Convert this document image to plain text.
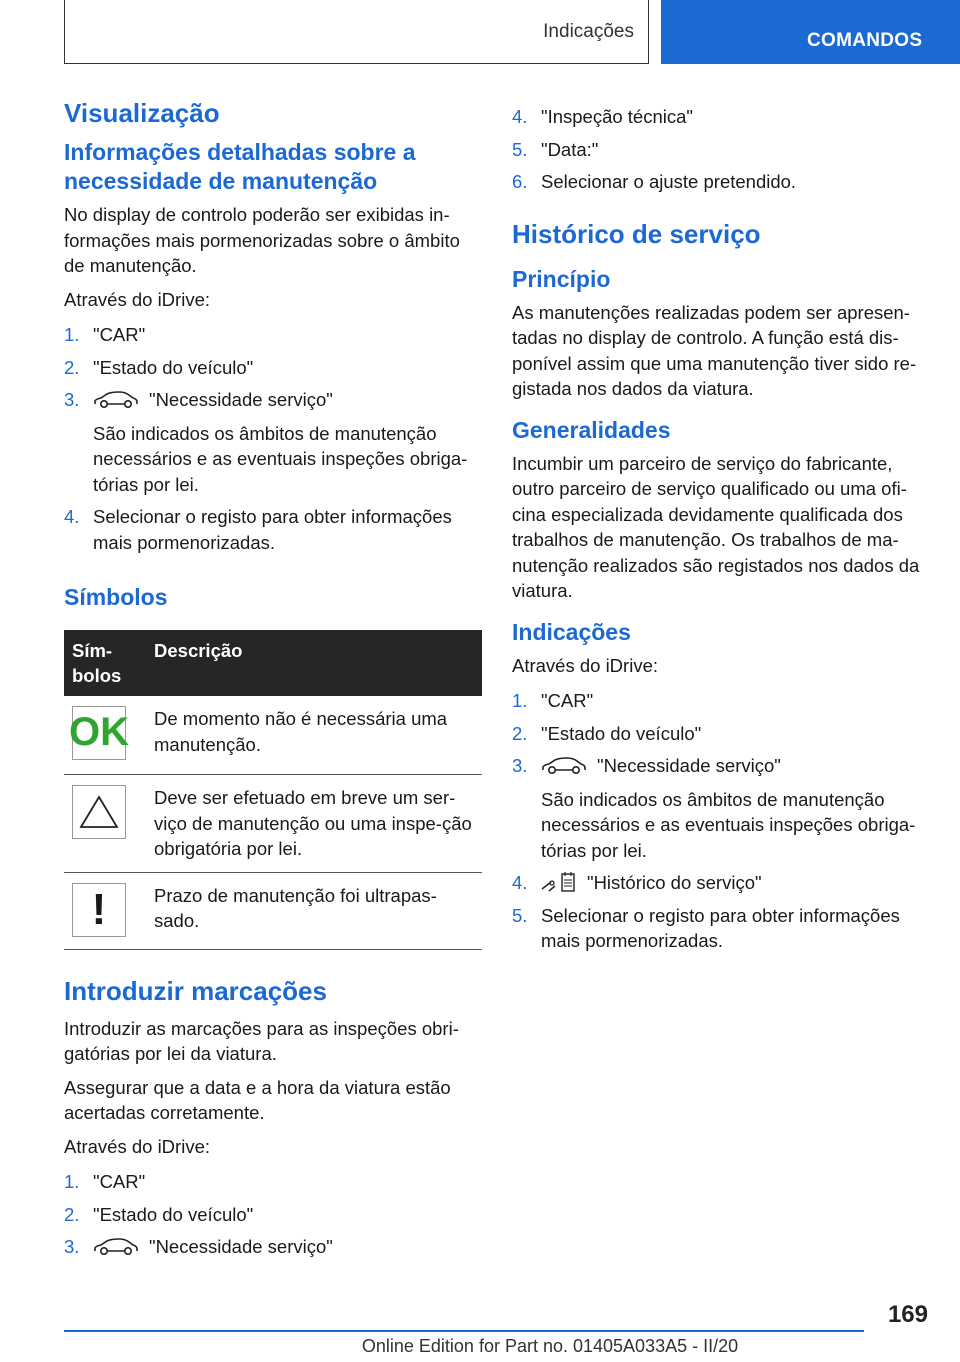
Indicações	COMANDOS
Visualização
Informações detalhadas sobre a necessidade de manutenção

No display de controlo poderão ser exibidas in-formações mais pormenorizadas sobre o âmbito de manutenção.

Através do iDrive:

1. "CAR"
2. "Estado do veículo"
3.	"Necessidade serviço"
São indicados os âmbitos de manutenção necessários e as eventuais inspeções obriga-tórias por lei.
4. Selecionar o registo para obter informações mais pormenorizadas.
Símbolos
Sím-bolos	Descrição

OK	De momento não é necessária uma manutenção.

	Deve ser efetuado em breve um ser-viço de manutenção ou uma inspe-ção obrigatória por lei.

!	Prazo de manutenção foi ultrapas-sado.
Introduzir marcações

Introduzir as marcações para as inspeções obri-gatórias por lei da viatura.

Assegurar que a data e a hora da viatura estão acertadas corretamente.

Através do iDrive:

1. "CAR"
2. "Estado do veículo"
3.	"Necessidade serviço"
4. "Inspeção técnica"
5. "Data:"
6. Selecionar o ajuste pretendido.
Histórico de serviço
Princípio

As manutenções realizadas podem ser apresen-tadas no display de controlo. A função está dis-ponível assim que uma manutenção tiver sido re-gistada nos dados da viatura.

Generalidades

Incumbir um parceiro de serviço do fabricante, outro parceiro de serviço qualificado ou uma ofi-cina especializada devidamente qualificada dos trabalhos de manutenção. Os trabalhos de ma-nutenção realizados são registados nos dados da viatura.

Indicações

Através do iDrive:

1. "CAR"
2. "Estado do veículo"
3.	"Necessidade serviço"
São indicados os âmbitos de manutenção necessários e as eventuais inspeções obriga-tórias por lei.
4.	"Histórico do serviço"
5. Selecionar o registo para obter informações mais pormenorizadas.
169
Online Edition for Part no. 01405A033A5 - II/20
